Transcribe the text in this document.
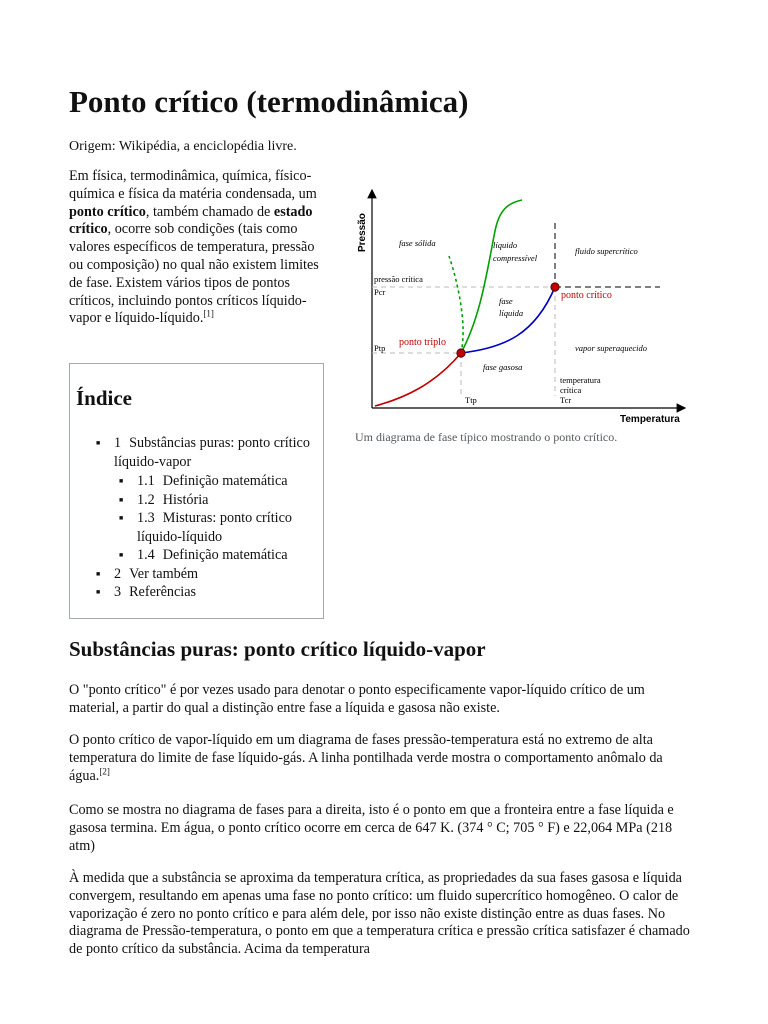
Ponto crítico (termodinâmica)
Origem: Wikipédia, a enciclopédia livre.
Em física, termodinâmica, química, físico-química e física da matéria condensada, um ponto crítico, também chamado de estado crítico, ocorre sob condições (tais como valores específicos de temperatura, pressão ou composição) no qual não existem limites de fase. Existem vários tipos de pontos críticos, incluindo pontos críticos líquido-vapor e líquido-líquido.[1]
Índice
■ 1 Substâncias puras: ponto crítico líquido-vapor
■ 1.1 Definição matemática
■ 1.2 História
■ 1.3 Misturas: ponto crítico líquido-líquido
■ 1.4 Definição matemática
■ 2 Ver também
■ 3 Referências
Pressão
Temperatura
fase sólida	líquido
compressível
fluido supercrítico
pressão crítica
Pcr	ponto crítico
fase
líquida
Ptp ponto triplo	vapor superaquecido
fase gasosa
temperatura
crítica
Ttp	Tcr
Um diagrama de fase típico mostrando o ponto crítico.
Substâncias puras: ponto crítico líquido-vapor

O "ponto crítico" é por vezes usado para denotar o ponto especificamente vapor-líquido crítico de um material, a partir do qual a distinção entre fase a líquida e gasosa não existe.

O ponto crítico de vapor-líquido em um diagrama de fases pressão-temperatura está no extremo de alta temperatura do limite de fase líquido-gás. A linha pontilhada verde mostra o comportamento anômalo da água.[2]

Como se mostra no diagrama de fases para a direita, isto é o ponto em que a fronteira entre a fase líquida e gasosa termina. Em água, o ponto crítico ocorre em cerca de 647 K. (374 ° C; 705 ° F) e 22,064 MPa (218 atm)

À medida que a substância se aproxima da temperatura crítica, as propriedades da sua fases gasosa e líquida convergem, resultando em apenas uma fase no ponto crítico: um fluido supercrítico homogêneo. O calor de vaporização é zero no ponto crítico e para além dele, por isso não existe distinção entre as duas fases. No diagrama de Pressão-temperatura, o ponto em que a temperatura crítica e pressão crítica satisfazer é chamado de ponto crítico da substância. Acima da temperatura
